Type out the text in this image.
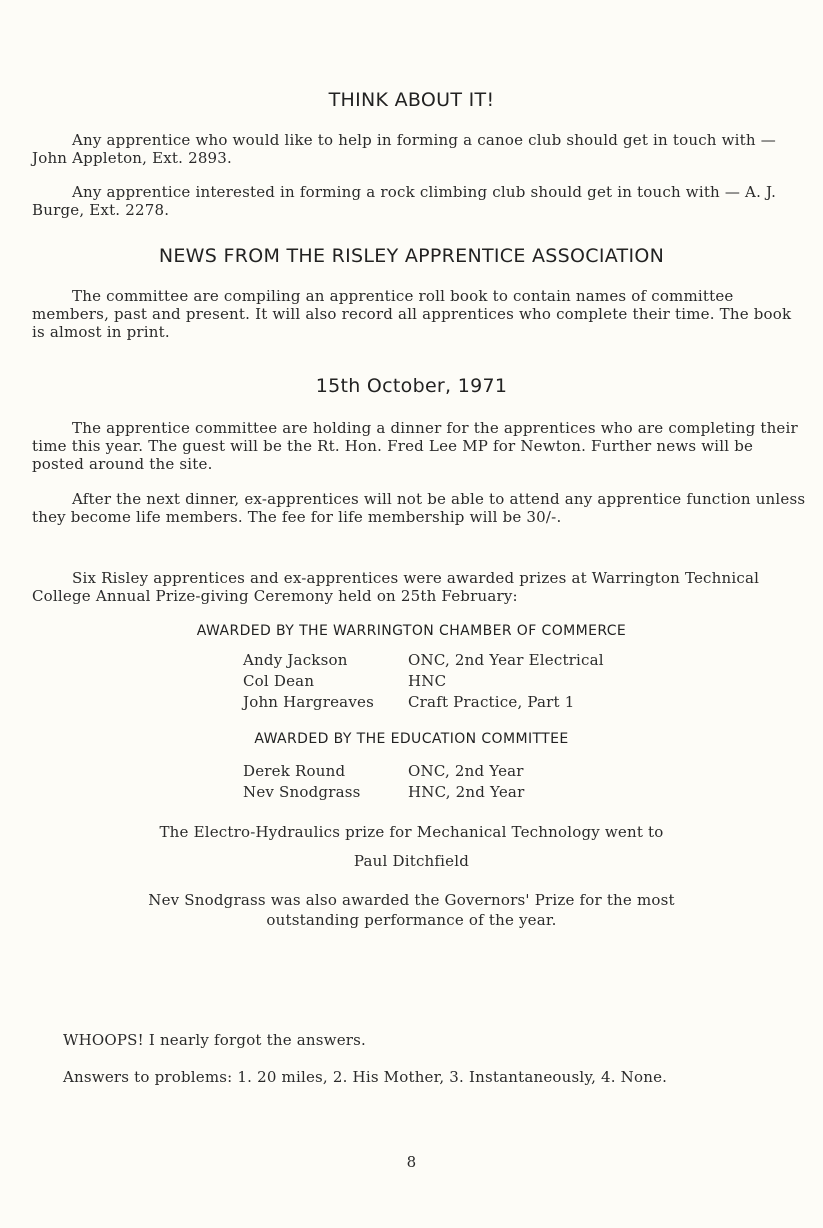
THINK ABOUT IT!
Any apprentice who would like to help in forming a canoe club should get in touch with — John Appleton, Ext. 2893.
Any apprentice interested in forming a rock climbing club should get in touch with — A. J. Burge, Ext. 2278.
NEWS FROM THE RISLEY APPRENTICE ASSOCIATION
The committee are compiling an apprentice roll book to contain names of committee members, past and present. It will also record all apprentices who complete their time. The book is almost in print.
15th October, 1971
The apprentice committee are holding a dinner for the apprentices who are completing their time this year. The guest will be the Rt. Hon. Fred Lee MP for Newton. Further news will be posted around the site.
After the next dinner, ex-apprentices will not be able to attend any apprentice function unless they become life members. The fee for life membership will be 30/-.
Six Risley apprentices and ex-apprentices were awarded prizes at Warrington Technical College Annual Prize-giving Ceremony held on 25th February:
AWARDED BY THE WARRINGTON CHAMBER OF COMMERCE
Andy Jackson	ONC, 2nd Year Electrical
Col Dean	HNC
John Hargreaves	Craft Practice, Part 1
AWARDED BY THE EDUCATION COMMITTEE
Derek Round	ONC, 2nd Year
Nev Snodgrass	HNC, 2nd Year
The Electro-Hydraulics prize for Mechanical Technology went to
Paul Ditchfield
Nev Snodgrass was also awarded the Governors' Prize for the most
outstanding performance of the year.
WHOOPS! I nearly forgot the answers.
Answers to problems: 1. 20 miles, 2. His Mother, 3. Instantaneously, 4. None.
8
